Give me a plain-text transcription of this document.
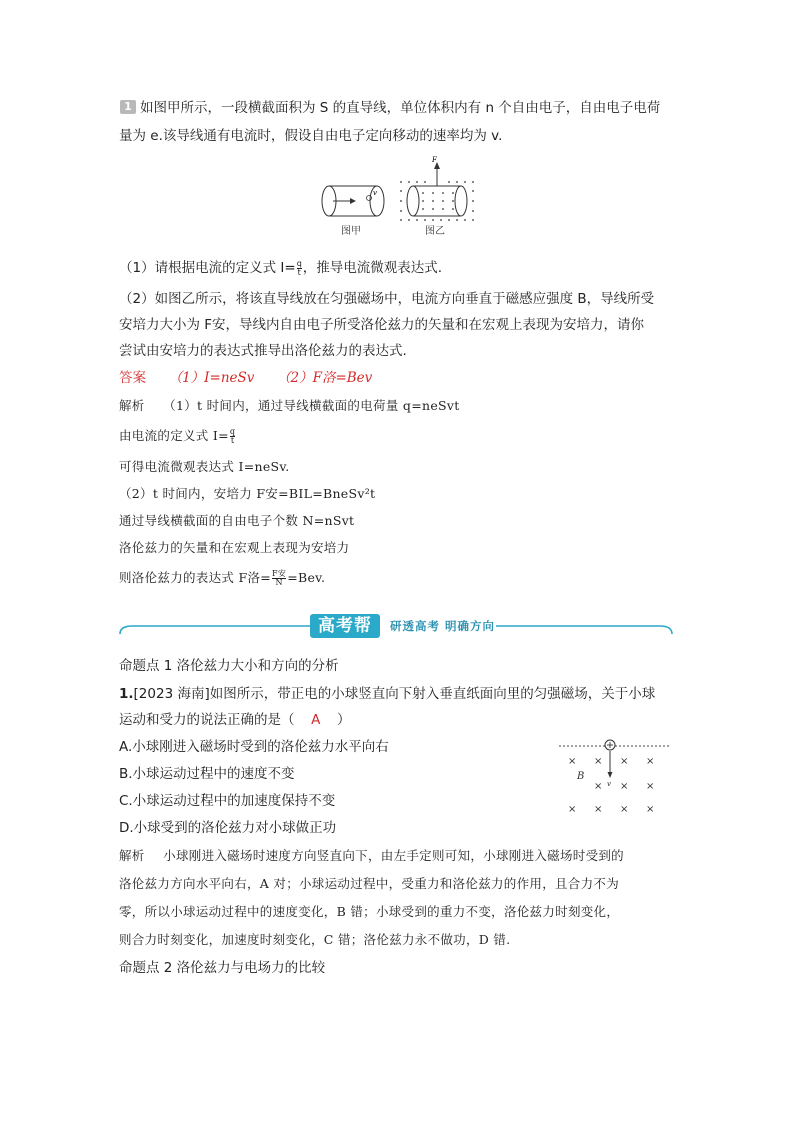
1 如图甲所示，一段横截面积为 S 的直导线，单位体积内有 n 个自由电子，自由电子电荷
量为 e.该导线通有电流时，假设自由电子定向移动的速率均为 v.
v
F
图甲	图乙
（1）请根据电流的定义式 $I= \frac{q}{t}$ ，推导电流微观表达式.
（2）如图乙所示，将该直导线放在匀强磁场中，电流方向垂直于磁感应强度 B，导线所受
安培力大小为 F安，导线内自由电子所受洛伦兹力的矢量和在宏观上表现为安培力，请你
尝试由安培力的表达式推导出洛伦兹力的表达式.
答案 （1）I=neSv （2）F洛=Bev
解析 （1）t 时间内，通过导线横截面的电荷量 q=neSvt
由电流的定义式 $I= \frac{q}{t}$
可得电流微观表达式 I=neSv.
（2）t 时间内，安培力 F安=BIL=BneSv²t
通过导线横截面的自由电子个数 N=nSvt
洛伦兹力的矢量和在宏观上表现为安培力
则洛伦兹力的表达式 F洛= $\frac{\text{F安}}{N} =Bev$.
高考帮	研透高考 明确方向
命题点 1 洛伦兹力大小和方向的分析
1.[2023 海南]如图所示，带正电的小球竖直向下射入垂直纸面向里的匀强磁场，关于小球
运动和受力的说法正确的是（ A ）
A.小球刚进入磁场时受到的洛伦兹力水平向右
B.小球运动过程中的速度不变
C.小球运动过程中的加速度保持不变
D.小球受到的洛伦兹力对小球做正功
× × × ×
× × ×
× × × ×
B
v
解析 小球刚进入磁场时速度方向竖直向下，由左手定则可知，小球刚进入磁场时受到的
洛伦兹力方向水平向右，A 对；小球运动过程中，受重力和洛伦兹力的作用，且合力不为
零，所以小球运动过程中的速度变化，B 错；小球受到的重力不变，洛伦兹力时刻变化，
则合力时刻变化，加速度时刻变化，C 错；洛伦兹力永不做功，D 错.
命题点 2 洛伦兹力与电场力的比较
